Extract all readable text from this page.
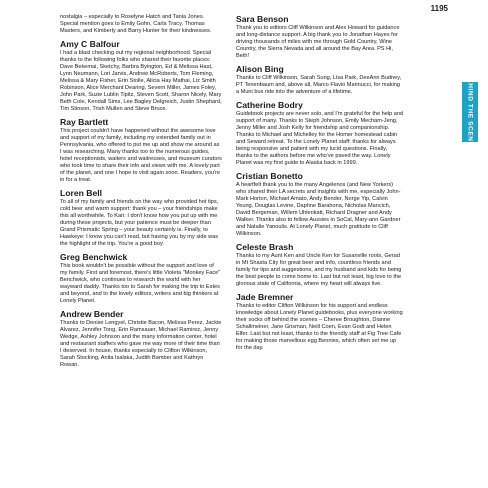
1195
BEHIND THE SCENES

nostalgia – especially to Roselyne Hatch and Tania Jones. Special mention goes to Emily Gohn, Carla Tracy, Thomas Masters, and Kimberly and Barry Hunter for their kindnesses.

Amy C Balfour

I had a blast checking out my regional neighborhood. Special thanks to the following folks who shared their favorite places: Dave Bekemai, Sketchy, Barbra Byington, Ed & Melissa Hast, Lynn Neumann, Lori Jarvis, Andrew McRoberts, Tom Fleming, Melissa & Mary Fisher, Erin Stolle, Alicia Hay Mathai, Liz Smith Robinson, Alice Merchant Dearing, Severn Miller, James Foley, John Park, Suzie Lublin Tipitz, Steven Scott, Sharon Nicely, Mary Beth Cole, Kendall Sims, Lee Bagley Delgreich, Justin Shephard, Tim Stinson, Trish Mullen and Steve Bruce.

Ray Bartlett

This project couldn't have happened without the awesome love and support of my family, including my extended family out in Pennsylvania, who offered to put me up and show me around as I was researching. Many thanks too to the numerous guides, hotel receptionists, waiters and waitresses, and museum curators who took time to share their info and views with me. A lovely part of the planet, and one I hope to visit again soon. Readers, you're in for a treat.

Loren Bell

To all of my family and friends on the way who provided hot tips, cold beer and warm support: thank you – your friendships make this all worthwhile. To Kari: I don't know how you put up with me during these projects, but your patience must be deeper than Grand Prismatic Spring – your beauty certainly is. Finally, to Hawkeye: I know you can't read, but having you by my side was the highlight of the trip. You're a good boy.

Greg Benchwick

This book wouldn't be possible without the support and love of my family. First and foremost, there's little Violeta "Monkey Face" Benchwick, who continues to research the world with her wayward daddy. Thanks too to Sarah for making the trip to Estes and beyond, and to the lovely editors, writers and big thinkers at Lonely Planet.

Andrew Bender

Thanks to Denise Lengyel, Christie Bacon, Melissa Perez, Jackie Alvarez, Jennifer Tong, Erin Ramsauer, Michael Ramirez, Jenny Wedge, Ashley Johnson and the many information center, hotel and restaurant staffers who gave me way more of their time than I deserved. In house, thanks especially to Clifton Wilkinson, Sarah Stocking, Anita Isalska, Judith Bamber and Kathryn Rowan.

Sara Benson

Thank you to editors Cliff Wilkinson and Alex Howard for guidance and long-distance support. A big thank you to Jonathan Hayes for driving thousands of miles with me through Gold Country, Wine Country, the Sierra Nevada and all around the Bay Area. PS Hi, Beth!

Alison Bing

Thanks to Cliff Wilkinson, Sarah Sung, Lisa Park, DeeAnn Budney, PT Tenenbaum and, above all, Marco Flavio Marinucci, for making a Muni bus ride into the adventure of a lifetime.

Catherine Bodry

Guidebook projects are never solo, and I'm grateful for the help and support of many. Thanks to Steph Johnson, Emily Mecham-Jeng, Jenny Miller and Josh Kelly for friendship and companionship. Thanks to Michael and Michelley for the Homer homestead cabin and Seward retreat. To the Lonely Planet staff: thanks for always being responsive and patient with my lucid questions. Finally, thanks to the authors before me who've paved the way. Lonely Planet was my first guide to Alaska back in 1999.

Cristian Bonetto

A heartfelt thank you to the many Angelenos (and New Yorkers) who shared their LA secrets and insights with me, especially John-Mark Horton, Michael Amato, Andy Bender, Norge Yip, Calvin Yeung, Douglas Levine, Daphne Barahona, Nicholas Mancich, David Bergeman, Willem Uhlenkatt, Richard Dragner and Andy Walker. Thanks also to fellow Aussies in SoCal, Mary-ann Gardner and Natalie Yanoulis. At Lonely Planet, much gratitude to Cliff Wilkinson.

Celeste Brash

Thanks to my Aunt Ken and Uncle Ken for Susanville roots, Gerad in Mt Shasta City for great beer and info, countless friends and family for tips and suggestions, and my husband and kids for being the best people to come home to. Last but not least, big love to the glorious state of California, where my heart will always live.

Jade Bremner

Thanks to editor Clifton Wilkinson for his support and endless knowledge about Lonely Planet guidebooks, plus everyone working their socks off behind the scenes – Cheree Broughton, Dianne Schallmeiner, Jane Grisman, Neill Coen, Evan Godt and Helen Elfer. Last but not least, thanks to the friendly staff at Fig Tree Cafe for making those marvellous egg Bennies, which often set me up for the day.
